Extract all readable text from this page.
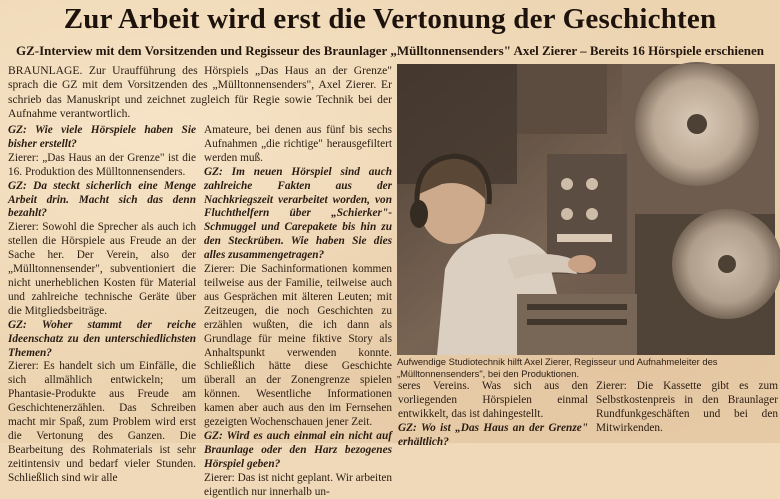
Zur Arbeit wird erst die Vertonung der Geschichten
GZ-Interview mit dem Vorsitzenden und Regisseur des Braunlager „Mülltonnensenders" Axel Zierer – Bereits 16 Hörspiele erschienen
BRAUNLAGE. Zur Uraufführung des Hörspiels „Das Haus an der Grenze" sprach die GZ mit dem Vorsitzenden des „Mülltonnensenders", Axel Zierer. Er schrieb das Manuskript und zeichnet zugleich für Regie sowie Technik bei der Aufnahme verantwortlich.

GZ: Wie viele Hörspiele haben Sie bisher erstellt?

Zierer: „Das Haus an der Grenze" ist die 16. Produktion des Mülltonnensenders.

GZ: Da steckt sicherlich eine Menge Arbeit drin. Macht sich das denn bezahlt?

Zierer: Sowohl die Sprecher als auch ich stellen die Hörspiele aus Freude an der Sache her. Der Verein, also der „Mülltonnensender", subventioniert die nicht unerheblichen Kosten für Material und zahlreiche technische Geräte über die Mitgliedsbeiträge.

GZ: Woher stammt der reiche Ideenschatz zu den unterschiedlichsten Themen?

Zierer: Es handelt sich um Einfälle, die sich allmählich entwickeln; um Phantasie-Produkte aus Freude am Geschichtenerzählen. Das Schreiben macht mir Spaß, zum Problem wird erst die Vertonung des Ganzen. Die Bearbeitung des Rohmaterials ist sehr zeitintensiv und bedarf vieler Stunden. Schließlich sind wir alle

Amateure, bei denen aus fünf bis sechs Aufnahmen „die richtige" herausgefiltert werden muß.

GZ: Im neuen Hörspiel sind auch zahlreiche Fakten aus der Nachkriegszeit verarbeitet worden, von Fluchthelfern über „Schierker"-Schmuggel und Carepakete bis hin zu den Steckrüben. Wie haben Sie dies alles zusammengetragen?

Zierer: Die Sachinformationen kommen teilweise aus der Familie, teilweise auch aus Gesprächen mit älteren Leuten; mit Zeitzeugen, die noch Geschichten zu erzählen wußten, die ich dann als Grundlage für meine fiktive Story als Anhaltspunkt verwenden konnte. Schließlich hätte diese Geschichte überall an der Zonengrenze spielen können. Wesentliche Informationen kamen aber auch aus den im Fernsehen gezeigten Wochenschauen jener Zeit.

GZ: Wird es auch einmal ein nicht auf Braunlage oder den Harz bezogenes Hörspiel geben?

Zierer: Das ist nicht geplant. Wir arbeiten eigentlich nur innerhalb un-

Aufwendige Studiotechnik hilft Axel Zierer, Regisseur und Aufnahmeleiter des „Mülltonnensenders", bei den Produktionen.

seres Vereins. Was sich aus den vorliegenden Hörspielen einmal entwikkelt, das ist dahingestellt.

GZ: Wo ist „Das Haus an der Grenze" erhältlich?

Zierer: Die Kassette gibt es zum Selbstkostenpreis in den Braunlager Rundfunkgeschäften und bei den Mitwirkenden.
